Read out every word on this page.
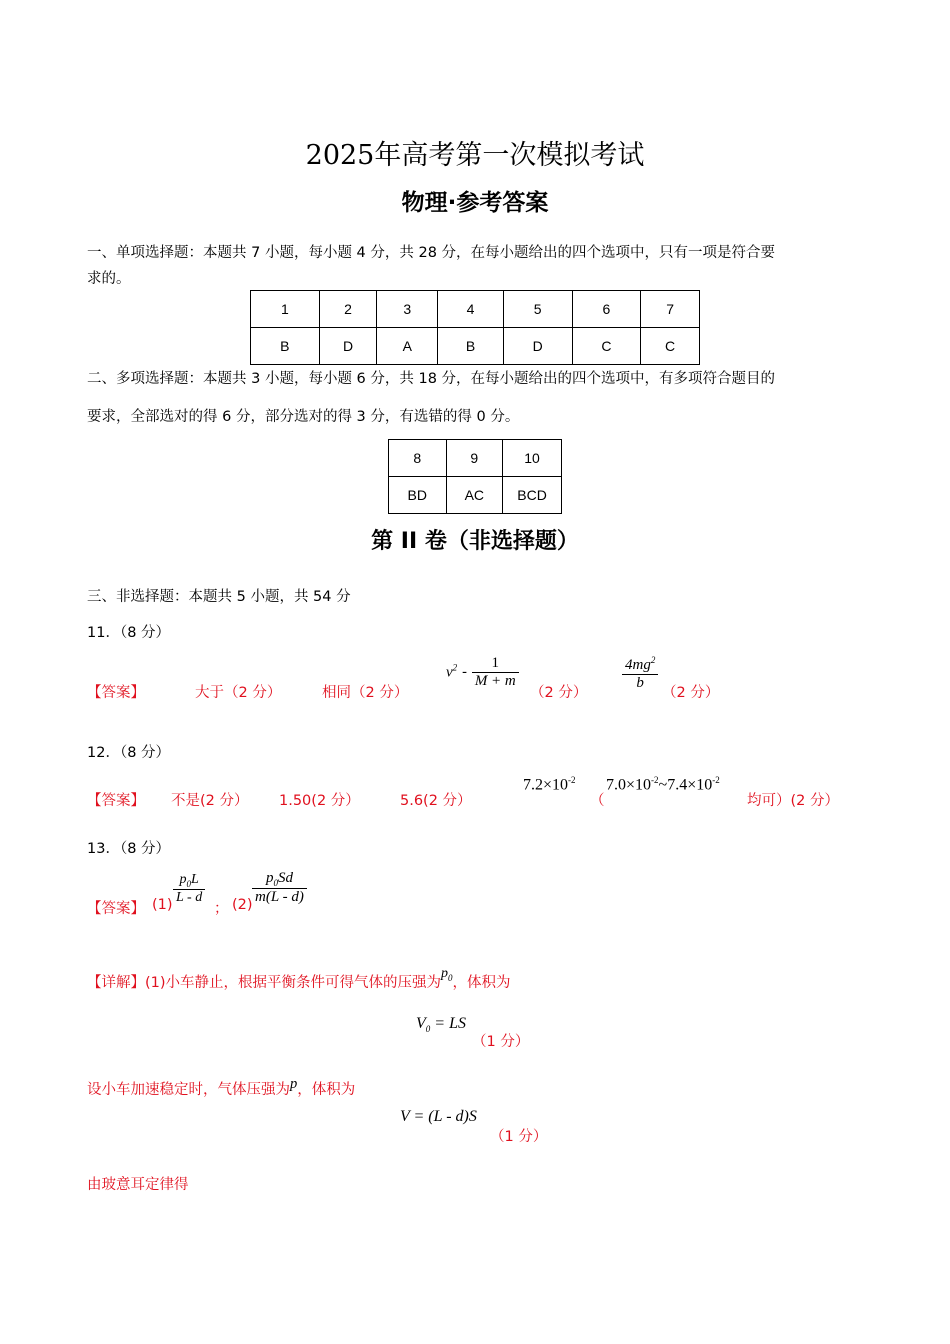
2025年高考第一次模拟考试
物理·参考答案
一、单项选择题：本题共 7 小题，每小题 4 分，共 28 分，在每小题给出的四个选项中，只有一项是符合要
求的。
1	2	3	4	5	6	7
B	D	A	B	D	C	C
二、多项选择题：本题共 3 小题，每小题 6 分，共 18 分，在每小题给出的四个选项中，有多项符合题目的
要求，全部选对的得 6 分，部分选对的得 3 分，有选错的得 0 分。
8	9	10
BD	AC	BCD
第 II 卷（非选择题）
三、非选择题：本题共 5 小题，共 54 分
11．（8 分）
【答案】	大于（2 分）	相同（2 分）
$v^2 - \frac{1}{M + m}$
（2 分）
$\frac{4mg^2}{b}$
（2 分）
12．（8 分）
【答案】 不是(2 分） 1.50(2 分）	5.6(2 分）
$7.2\times 10^{-2}$
（
$7.0\times 10^{-2}\sim 7.4\times 10^{-2}$
均可）(2 分）
13．（8 分）
【答案】 $(1) \frac{p_0L}{L - d}$
； $(2) \frac{p_0Sd}{m(L - d)}$
【详解】(1)小车静止，根据平衡条件可得气体的压强为$p_0$，体积为
$V_0$ = LS
（1 分）
设小车加速稳定时，气体压强为p，体积为
V = (L - d)S
（1 分）
由玻意耳定律得
